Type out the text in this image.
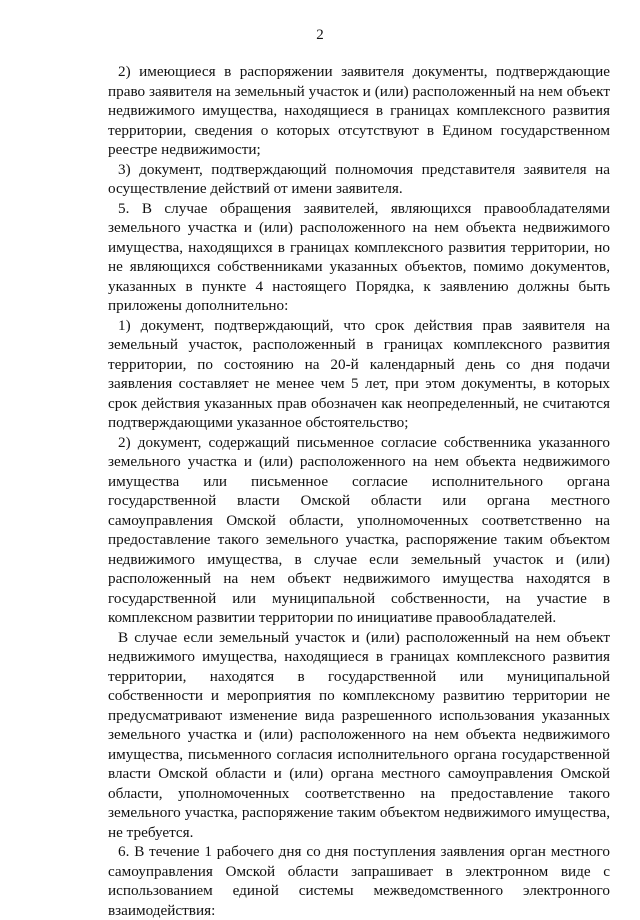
2

2) имеющиеся в распоряжении заявителя документы, подтверждающие право заявителя на земельный участок и (или) расположенный на нем объект недвижимого имущества, находящиеся в границах комплексного развития территории, сведения о которых отсутствуют в Едином государственном реестре недвижимости;

3) документ, подтверждающий полномочия представителя заявителя на осуществление действий от имени заявителя.

5. В случае обращения заявителей, являющихся правообладателями земельного участка и (или) расположенного на нем объекта недвижимого имущества, находящихся в границах комплексного развития территории, но не являющихся собственниками указанных объектов, помимо документов, указанных в пункте 4 настоящего Порядка, к заявлению должны быть приложены дополнительно:

1) документ, подтверждающий, что срок действия прав заявителя на земельный участок, расположенный в границах комплексного развития территории, по состоянию на 20-й календарный день со дня подачи заявления составляет не менее чем 5 лет, при этом документы, в которых срок действия указанных прав обозначен как неопределенный, не считаются подтверждающими указанное обстоятельство;

2) документ, содержащий письменное согласие собственника указанного земельного участка и (или) расположенного на нем объекта недвижимого имущества или письменное согласие исполнительного органа государственной власти Омской области или органа местного самоуправления Омской области, уполномоченных соответственно на предоставление такого земельного участка, распоряжение таким объектом недвижимого имущества, в случае если земельный участок и (или) расположенный на нем объект недвижимого имущества находятся в государственной или муниципальной собственности, на участие в комплексном развитии территории по инициативе правообладателей.

В случае если земельный участок и (или) расположенный на нем объект недвижимого имущества, находящиеся в границах комплексного развития территории, находятся в государственной или муниципальной собственности и мероприятия по комплексному развитию территории не предусматривают изменение вида разрешенного использования указанных земельного участка и (или) расположенного на нем объекта недвижимого имущества, письменного согласия исполнительного органа государственной власти Омской области и (или) органа местного самоуправления Омской области, уполномоченных соответственно на предоставление такого земельного участка, распоряжение таким объектом недвижимого имущества, не требуется.

6. В течение 1 рабочего дня со дня поступления заявления орган местного самоуправления Омской области запрашивает в электронном виде с использованием единой системы межведомственного электронного взаимодействия:
